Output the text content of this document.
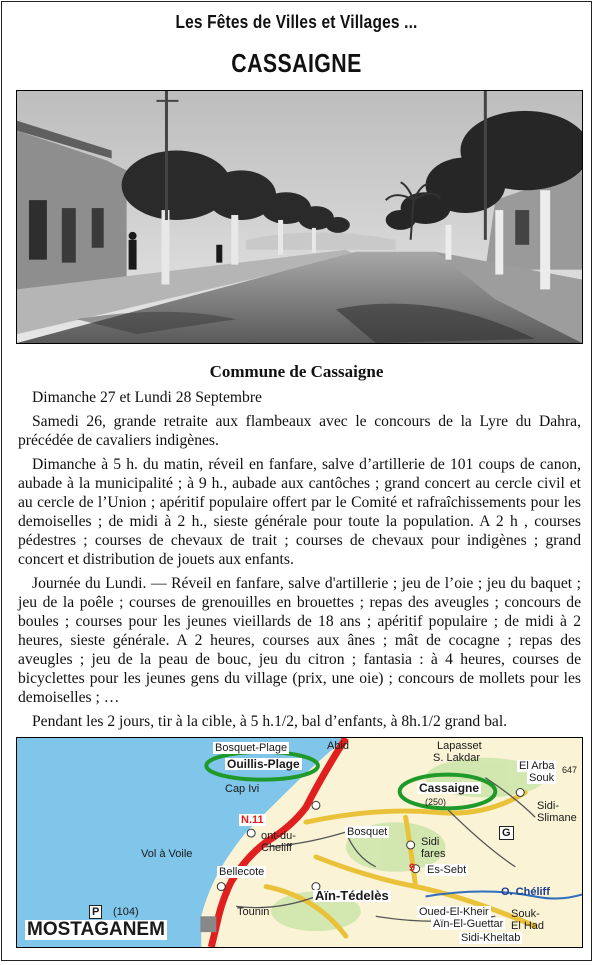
Les Fêtes de Villes et Villages ...
CASSAIGNE
Commune de Cassaigne

Dimanche 27 et Lundi 28 Septembre

Samedi 26, grande retraite aux flambeaux avec le concours de la Lyre du Dahra, précédée de cavaliers indigènes.

Dimanche à 5 h. du matin, réveil en fanfare, salve d’artillerie de 101 coups de canon, aubade à la municipalité ; à 9 h., aubade aux cantôches ; grand concert au cercle civil et au cercle de l’Union ; apéritif populaire offert par le Comité et rafraîchissements pour les demoiselles ; de midi à 2 h., sieste générale pour toute la population. A 2 h , courses pédestres ; courses de chevaux de trait ; courses de chevaux pour indigènes ; grand concert et distribution de jouets aux enfants.

Journée du Lundi. — Réveil en fanfare, salve d'artillerie ; jeu de l’oie ; jeu du baquet ; jeu de la poêle ; courses de grenouilles en brouettes ; repas des aveugles ; concours de boules ; courses pour les jeunes vieillards de 18 ans ; apéritif populaire ; de midi à 2 heures, sieste générale. A 2 heures, courses aux ânes ; mât de cocagne ; repas des aveugles ; jeu de la peau de bouc, jeu du citron ; fantasia : à 4 heures, courses de bicyclettes pour les jeunes gens du village (prix, une oie) ; concours de mollets pour les demoiselles ; …

Pendant les 2 jours, tir à la cible, à 5 h.1/2, bal d’enfants, à 8h.1/2 grand bal.

Bosquet-Plage
Ouillis-Plage
Cap Ivi
Abid
Cassaigne
(250)
Lapasset
S. Lakdar
El Arba
Souk
Sidi-
Slimane
Bosquet
Sidi
fares
Es-Sebt
ont-du-
Cheliff
Vol à Voile
Bellecote
Aïn-Tédelès
Oued-El-Kheir
Aïn-El-Guettar
O. Chéliff
Souk-
El Had
Sidi-Kheltab
Tounin
MOSTAGANEM
(104)
P
G
N.11
9
647
